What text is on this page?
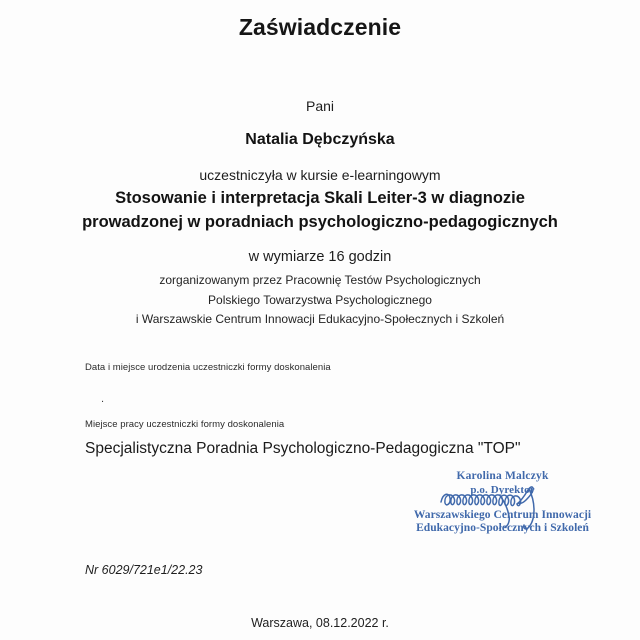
Zaświadczenie
Pani
Natalia Dębczyńska
uczestniczyła w kursie e-learningowym
Stosowanie i interpretacja Skali Leiter-3 w diagnozie
prowadzonej w poradniach psychologiczno-pedagogicznych
w wymiarze 16 godzin
zorganizowanym przez Pracownię Testów Psychologicznych
Polskiego Towarzystwa Psychologicznego
i Warszawskie Centrum Innowacji Edukacyjno-Społecznych i Szkoleń
Data i miejsce urodzenia uczestniczki formy doskonalenia
.
Miejsce pracy uczestniczki formy doskonalenia
Specjalistyczna Poradnia Psychologiczno-Pedagogiczna "TOP"
Karolina Malczyk
p.o. Dyrektor
Warszawskiego Centrum Innowacji
Edukacyjno-Społecznych i Szkoleń
Nr 6029/721e1/22.23
Warszawa, 08.12.2022 r.
